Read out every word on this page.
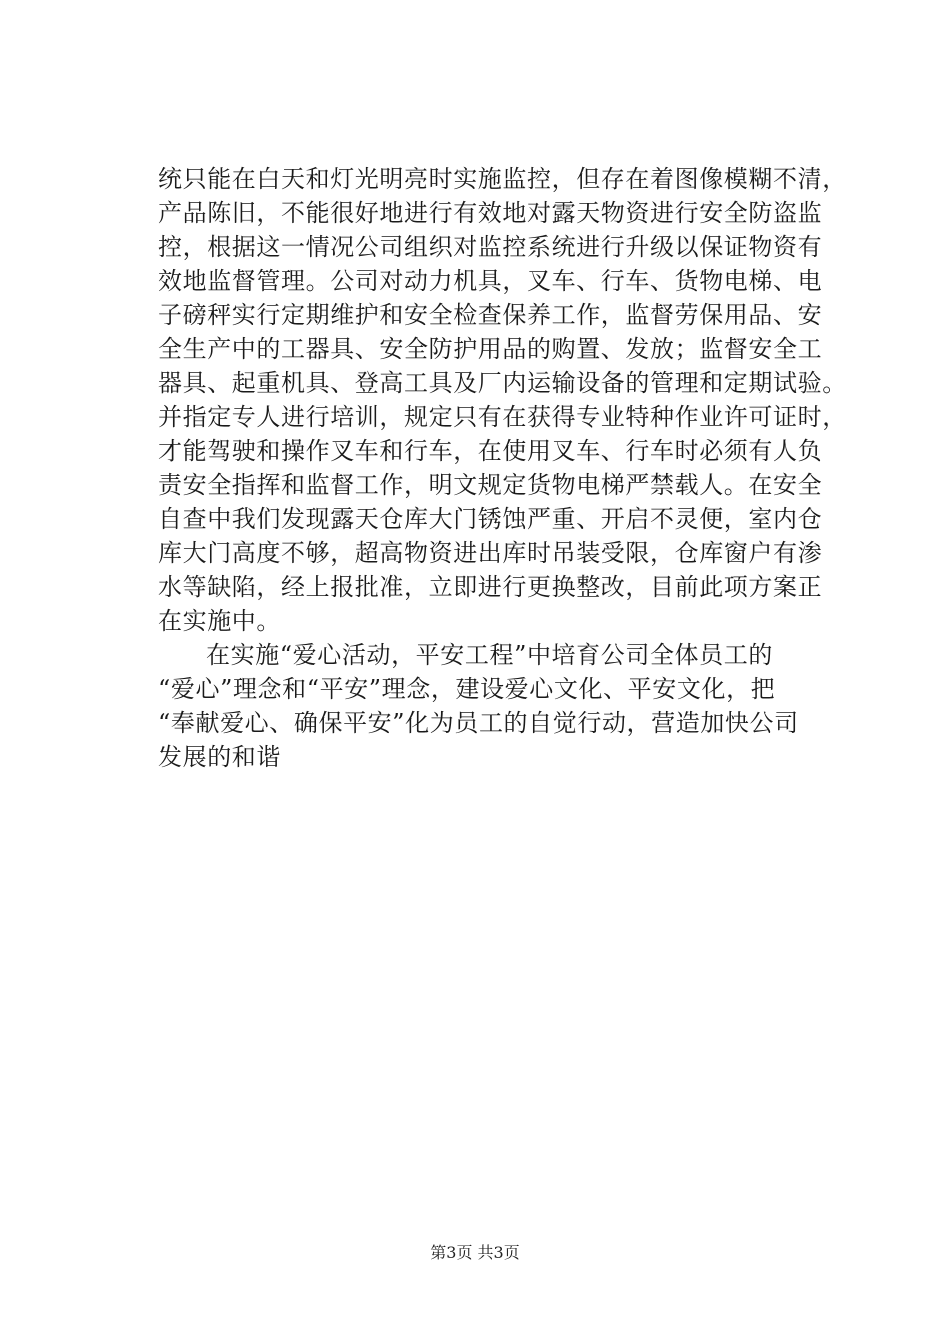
统只能在白天和灯光明亮时实施监控，但存在着图像模糊不清，
产品陈旧，不能很好地进行有效地对露天物资进行安全防盗监
控，根据这一情况公司组织对监控系统进行升级以保证物资有
效地监督管理。公司对动力机具，叉车、行车、货物电梯、电
子磅秤实行定期维护和安全检查保养工作，监督劳保用品、安
全生产中的工器具、安全防护用品的购置、发放；监督安全工
器具、起重机具、登高工具及厂内运输设备的管理和定期试验。
并指定专人进行培训，规定只有在获得专业特种作业许可证时，
才能驾驶和操作叉车和行车，在使用叉车、行车时必须有人负
责安全指挥和监督工作，明文规定货物电梯严禁载人。在安全
自查中我们发现露天仓库大门锈蚀严重、开启不灵便，室内仓
库大门高度不够，超高物资进出库时吊装受限，仓库窗户有渗
水等缺陷，经上报批准，立即进行更换整改，目前此项方案正
在实施中。
在实施“爱心活动，平安工程”中培育公司全体员工的
“爱心”理念和“平安”理念，建设爱心文化、平安文化，把
“奉献爱心、确保平安”化为员工的自觉行动，营造加快公司
发展的和谐
第3页 共3页
